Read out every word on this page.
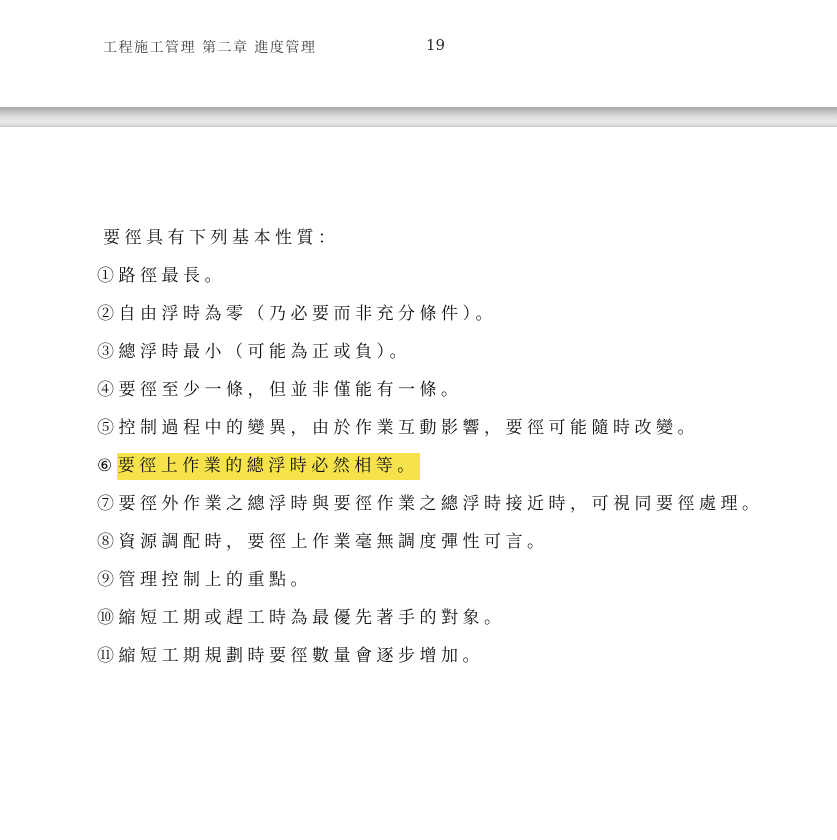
工程施工管理 第二章 進度管理	19
要徑具有下列基本性質：
①路徑最長。
②自由浮時為零（乃必要而非充分條件）。
③總浮時最小（可能為正或負）。
④要徑至少一條，但並非僅能有一條。
⑤控制過程中的變異，由於作業互動影響，要徑可能隨時改變。
⑥要徑上作業的總浮時必然相等。
⑦要徑外作業之總浮時與要徑作業之總浮時接近時，可視同要徑處理。
⑧資源調配時，要徑上作業毫無調度彈性可言。
⑨管理控制上的重點。
⑩縮短工期或趕工時為最優先著手的對象。
⑪縮短工期規劃時要徑數量會逐步增加。
